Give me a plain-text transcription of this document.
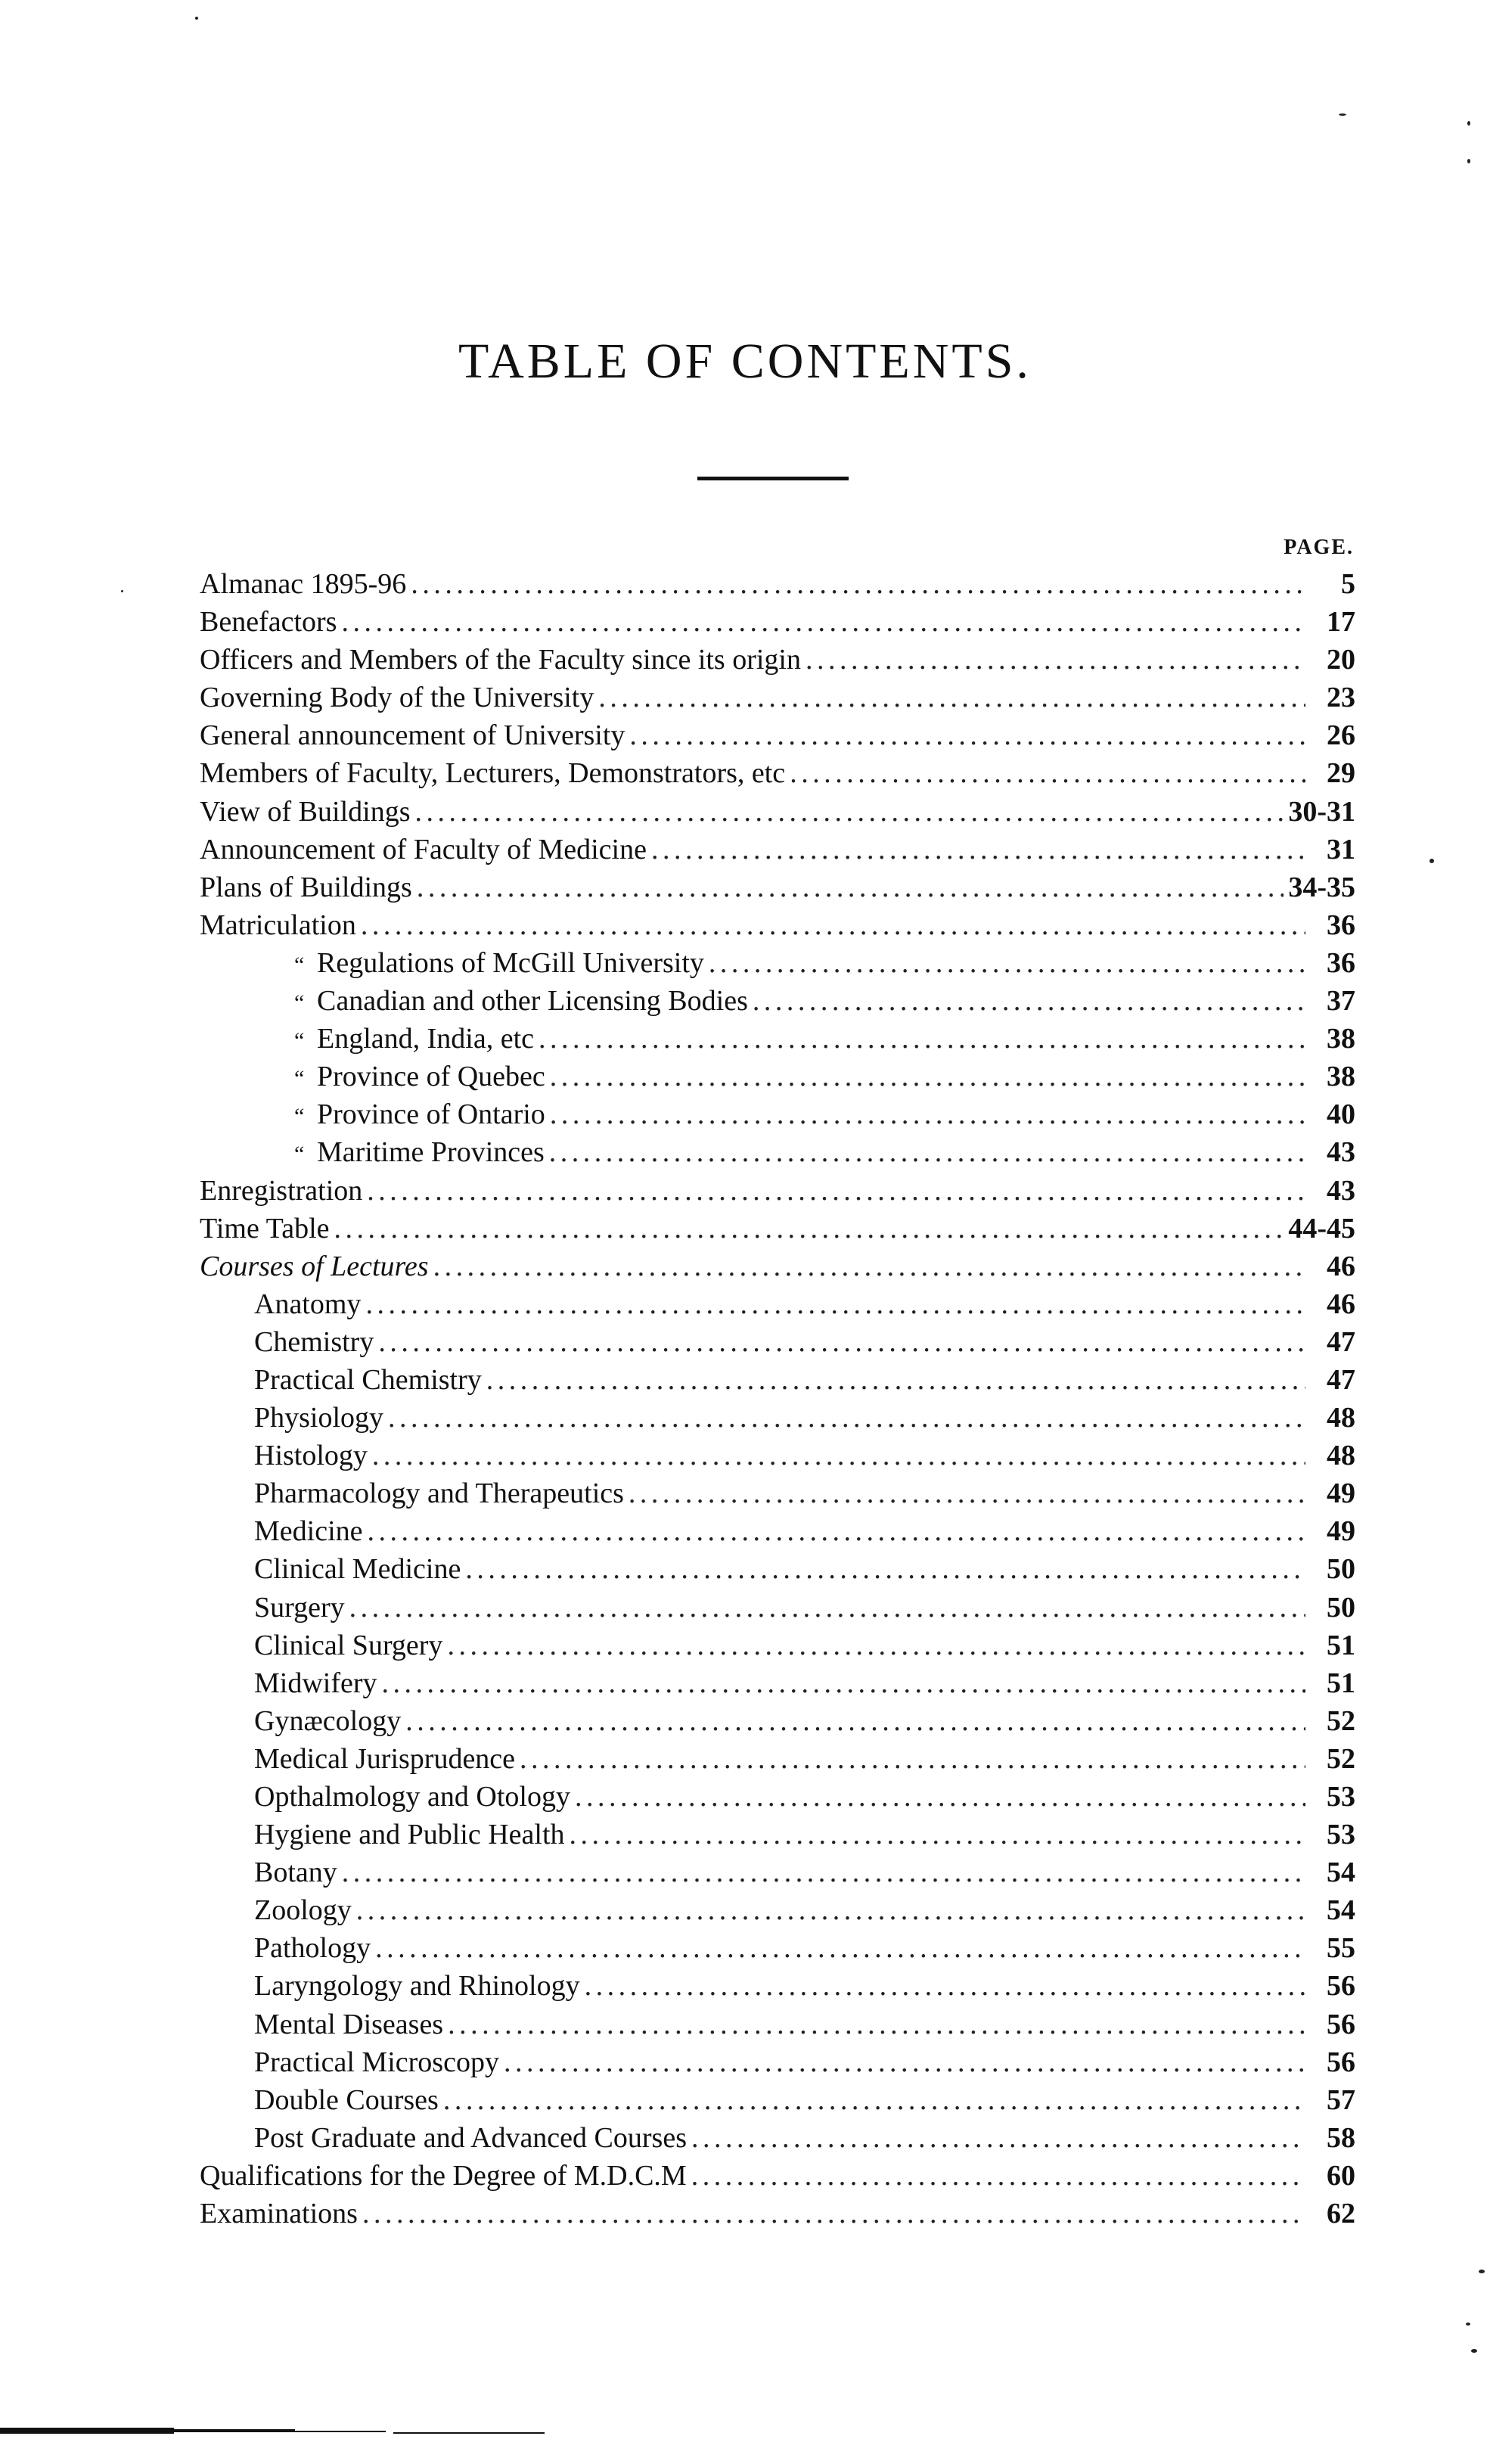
TABLE OF CONTENTS.
PAGE.
Almanac 1895-96 . . .	5
Benefactors . . .	17
Officers and Members of the Faculty since its origin . . .	20
Governing Body of the University . . .	23
General announcement of University . . .	26
Members of Faculty, Lecturers, Demonstrators, etc . . .	29
View of Buildings . . .	30-31
Announcement of Faculty of Medicine . . .	31
Plans of Buildings . . .	34-35
Matriculation . . .	36
“ Regulations of McGill University . . .	36
“ Canadian and other Licensing Bodies . . .	37
“ England, India, etc . . .	38
“ Province of Quebec . . .	38
“ Province of Ontario . . .	40
“ Maritime Provinces . . .	43
Enregistration . . .	43
Time Table . . .	44-45
Courses of Lectures . . .	46
Anatomy . . .	46
Chemistry . . .	47
Practical Chemistry . . .	47
Physiology . . .	48
Histology . . .	48
Pharmacology and Therapeutics . . .	49
Medicine . . .	49
Clinical Medicine . . .	50
Surgery . . .	50
Clinical Surgery . . .	51
Midwifery . . .	51
Gynæcology . . .	52
Medical Jurisprudence . . .	52
Opthalmology and Otology . . .	53
Hygiene and Public Health . . .	53
Botany . . .	54
Zoology . . .	54
Pathology . . .	55
Laryngology and Rhinology . . .	56
Mental Diseases . . .	56
Practical Microscopy . . .	56
Double Courses . . .	57
Post Graduate and Advanced Courses . . .	58
Qualifications for the Degree of M.D.C.M . . .	60
Examinations . . .	62
